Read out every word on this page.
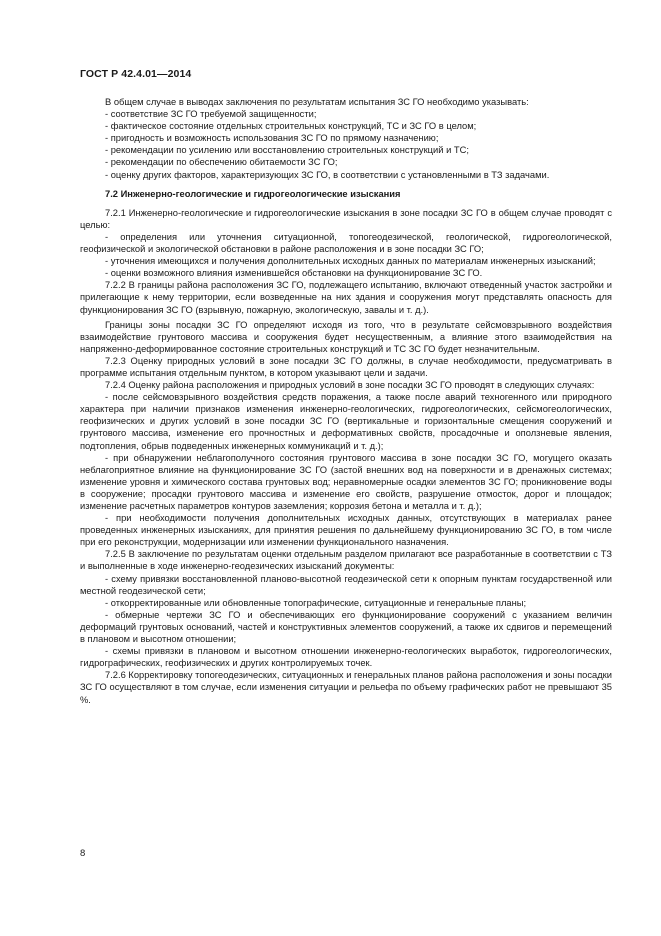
ГОСТ Р 42.4.01—2014

В общем случае в выводах заключения по результатам испытания ЗС ГО необходимо указывать:

- соответствие ЗС ГО требуемой защищенности;

- фактическое состояние отдельных строительных конструкций, ТС и ЗС ГО в целом;

- пригодность и возможность использования ЗС ГО по прямому назначению;

- рекомендации по усилению или восстановлению строительных конструкций и ТС;

- рекомендации по обеспечению обитаемости ЗС ГО;

- оценку других факторов, характеризующих ЗС ГО, в соответствии с установленными в ТЗ задачами.

7.2 Инженерно-геологические и гидрогеологические изыскания

7.2.1 Инженерно-геологические и гидрогеологические изыскания в зоне посадки ЗС ГО в общем случае проводят с целью:

- определения или уточнения ситуационной, топогеодезической, геологической, гидрогеологической, геофизической и экологической обстановки в районе расположения и в зоне посадки ЗС ГО;

- уточнения имеющихся и получения дополнительных исходных данных по материалам инженерных изысканий;

- оценки возможного влияния изменившейся обстановки на функционирование ЗС ГО.

7.2.2 В границы района расположения ЗС ГО, подлежащего испытанию, включают отведенный участок застройки и прилегающие к нему территории, если возведенные на них здания и сооружения могут представлять опасность для функционирования ЗС ГО (взрывную, пожарную, экологическую, завалы и т. д.).

Границы зоны посадки ЗС ГО определяют исходя из того, что в результате сейсмовзрывного воздействия взаимодействие грунтового массива и сооружения будет несущественным, а влияние этого взаимодействия на напряженно-деформированное состояние строительных конструкций и ТС ЗС ГО будет незначительным.

7.2.3 Оценку природных условий в зоне посадки ЗС ГО должны, в случае необходимости, предусматривать в программе испытания отдельным пунктом, в котором указывают цели и задачи.

7.2.4 Оценку района расположения и природных условий в зоне посадки ЗС ГО проводят в следующих случаях:

- после сейсмовзрывного воздействия средств поражения, а также после аварий техногенного или природного характера при наличии признаков изменения инженерно-геологических, гидрогеологических, сейсмогеологических, геофизических и других условий в зоне посадки ЗС ГО (вертикальные и горизонтальные смещения сооружений и грунтового массива, изменение его прочностных и деформативных свойств, просадочные и оползневые явления, подтопления, обрыв подведенных инженерных коммуникаций и т. д.);

- при обнаружении неблагополучного состояния грунтового массива в зоне посадки ЗС ГО, могущего оказать неблагоприятное влияние на функционирование ЗС ГО (застой внешних вод на поверхности и в дренажных системах; изменение уровня и химического состава грунтовых вод; неравномерные осадки элементов ЗС ГО; проникновение воды в сооружение; просадки грунтового массива и изменение его свойств, разрушение отмосток, дорог и площадок; изменение расчетных параметров контуров заземления; коррозия бетона и металла и т. д.);

- при необходимости получения дополнительных исходных данных, отсутствующих в материалах ранее проведенных инженерных изысканиях, для принятия решения по дальнейшему функционированию ЗС ГО, в том числе при его реконструкции, модернизации или изменении функционального назначения.

7.2.5 В заключение по результатам оценки отдельным разделом прилагают все разработанные в соответствии с ТЗ и выполненные в ходе инженерно-геодезических изысканий документы:

- схему привязки восстановленной планово-высотной геодезической сети к опорным пунктам государственной или местной геодезической сети;

- откорректированные или обновленные топографические, ситуационные и генеральные планы;

- обмерные чертежи ЗС ГО и обеспечивающих его функционирование сооружений с указанием величин деформаций грунтовых оснований, частей и конструктивных элементов сооружений, а также их сдвигов и перемещений в плановом и высотном отношении;

- схемы привязки в плановом и высотном отношении инженерно-геологических выработок, гидрогеологических, гидрографических, геофизических и других контролируемых точек.

7.2.6 Корректировку топогеодезических, ситуационных и генеральных планов района расположения и зоны посадки ЗС ГО осуществляют в том случае, если изменения ситуации и рельефа по объему графических работ не превышают 35 %.

8
